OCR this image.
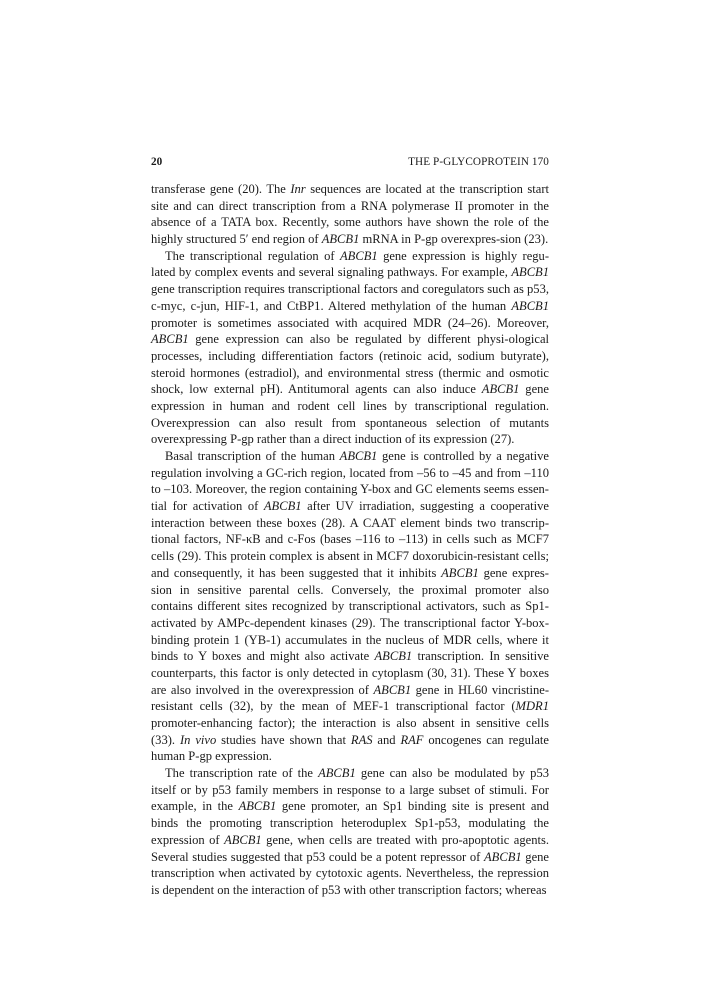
20	THE P-GLYCOPROTEIN 170

transferase gene (20). The Inr sequences are located at the transcription start site and can direct transcription from a RNA polymerase II promoter in the absence of a TATA box. Recently, some authors have shown the role of the highly structured 5′ end region of ABCB1 mRNA in P-gp overexpres-sion (23).

The transcriptional regulation of ABCB1 gene expression is highly regu-lated by complex events and several signaling pathways. For example, ABCB1 gene transcription requires transcriptional factors and coregulators such as p53, c-myc, c-jun, HIF-1, and CtBP1. Altered methylation of the human ABCB1 promoter is sometimes associated with acquired MDR (24–26). Moreover, ABCB1 gene expression can also be regulated by different physi-ological processes, including differentiation factors (retinoic acid, sodium butyrate), steroid hormones (estradiol), and environmental stress (thermic and osmotic shock, low external pH). Antitumoral agents can also induce ABCB1 gene expression in human and rodent cell lines by transcriptional regulation. Overexpression can also result from spontaneous selection of mutants overexpressing P-gp rather than a direct induction of its expression (27).

Basal transcription of the human ABCB1 gene is controlled by a negative regulation involving a GC-rich region, located from –56 to –45 and from –110 to –103. Moreover, the region containing Y-box and GC elements seems essen-tial for activation of ABCB1 after UV irradiation, suggesting a cooperative interaction between these boxes (28). A CAAT element binds two transcrip-tional factors, NF-κB and c-Fos (bases –116 to –113) in cells such as MCF7 cells (29). This protein complex is absent in MCF7 doxorubicin-resistant cells; and consequently, it has been suggested that it inhibits ABCB1 gene expres-sion in sensitive parental cells. Conversely, the proximal promoter also contains different sites recognized by transcriptional activators, such as Sp1-activated by AMPc-dependent kinases (29). The transcriptional factor Y-box-binding protein 1 (YB-1) accumulates in the nucleus of MDR cells, where it binds to Y boxes and might also activate ABCB1 transcription. In sensitive counterparts, this factor is only detected in cytoplasm (30, 31). These Y boxes are also involved in the overexpression of ABCB1 gene in HL60 vincristine-resistant cells (32), by the mean of MEF-1 transcriptional factor (MDR1 promoter-enhancing factor); the interaction is also absent in sensitive cells (33). In vivo studies have shown that RAS and RAF oncogenes can regulate human P-gp expression.

The transcription rate of the ABCB1 gene can also be modulated by p53 itself or by p53 family members in response to a large subset of stimuli. For example, in the ABCB1 gene promoter, an Sp1 binding site is present and binds the promoting transcription heteroduplex Sp1-p53, modulating the expression of ABCB1 gene, when cells are treated with pro-apoptotic agents. Several studies suggested that p53 could be a potent repressor of ABCB1 gene transcription when activated by cytotoxic agents. Nevertheless, the repression is dependent on the interaction of p53 with other transcription factors; whereas
